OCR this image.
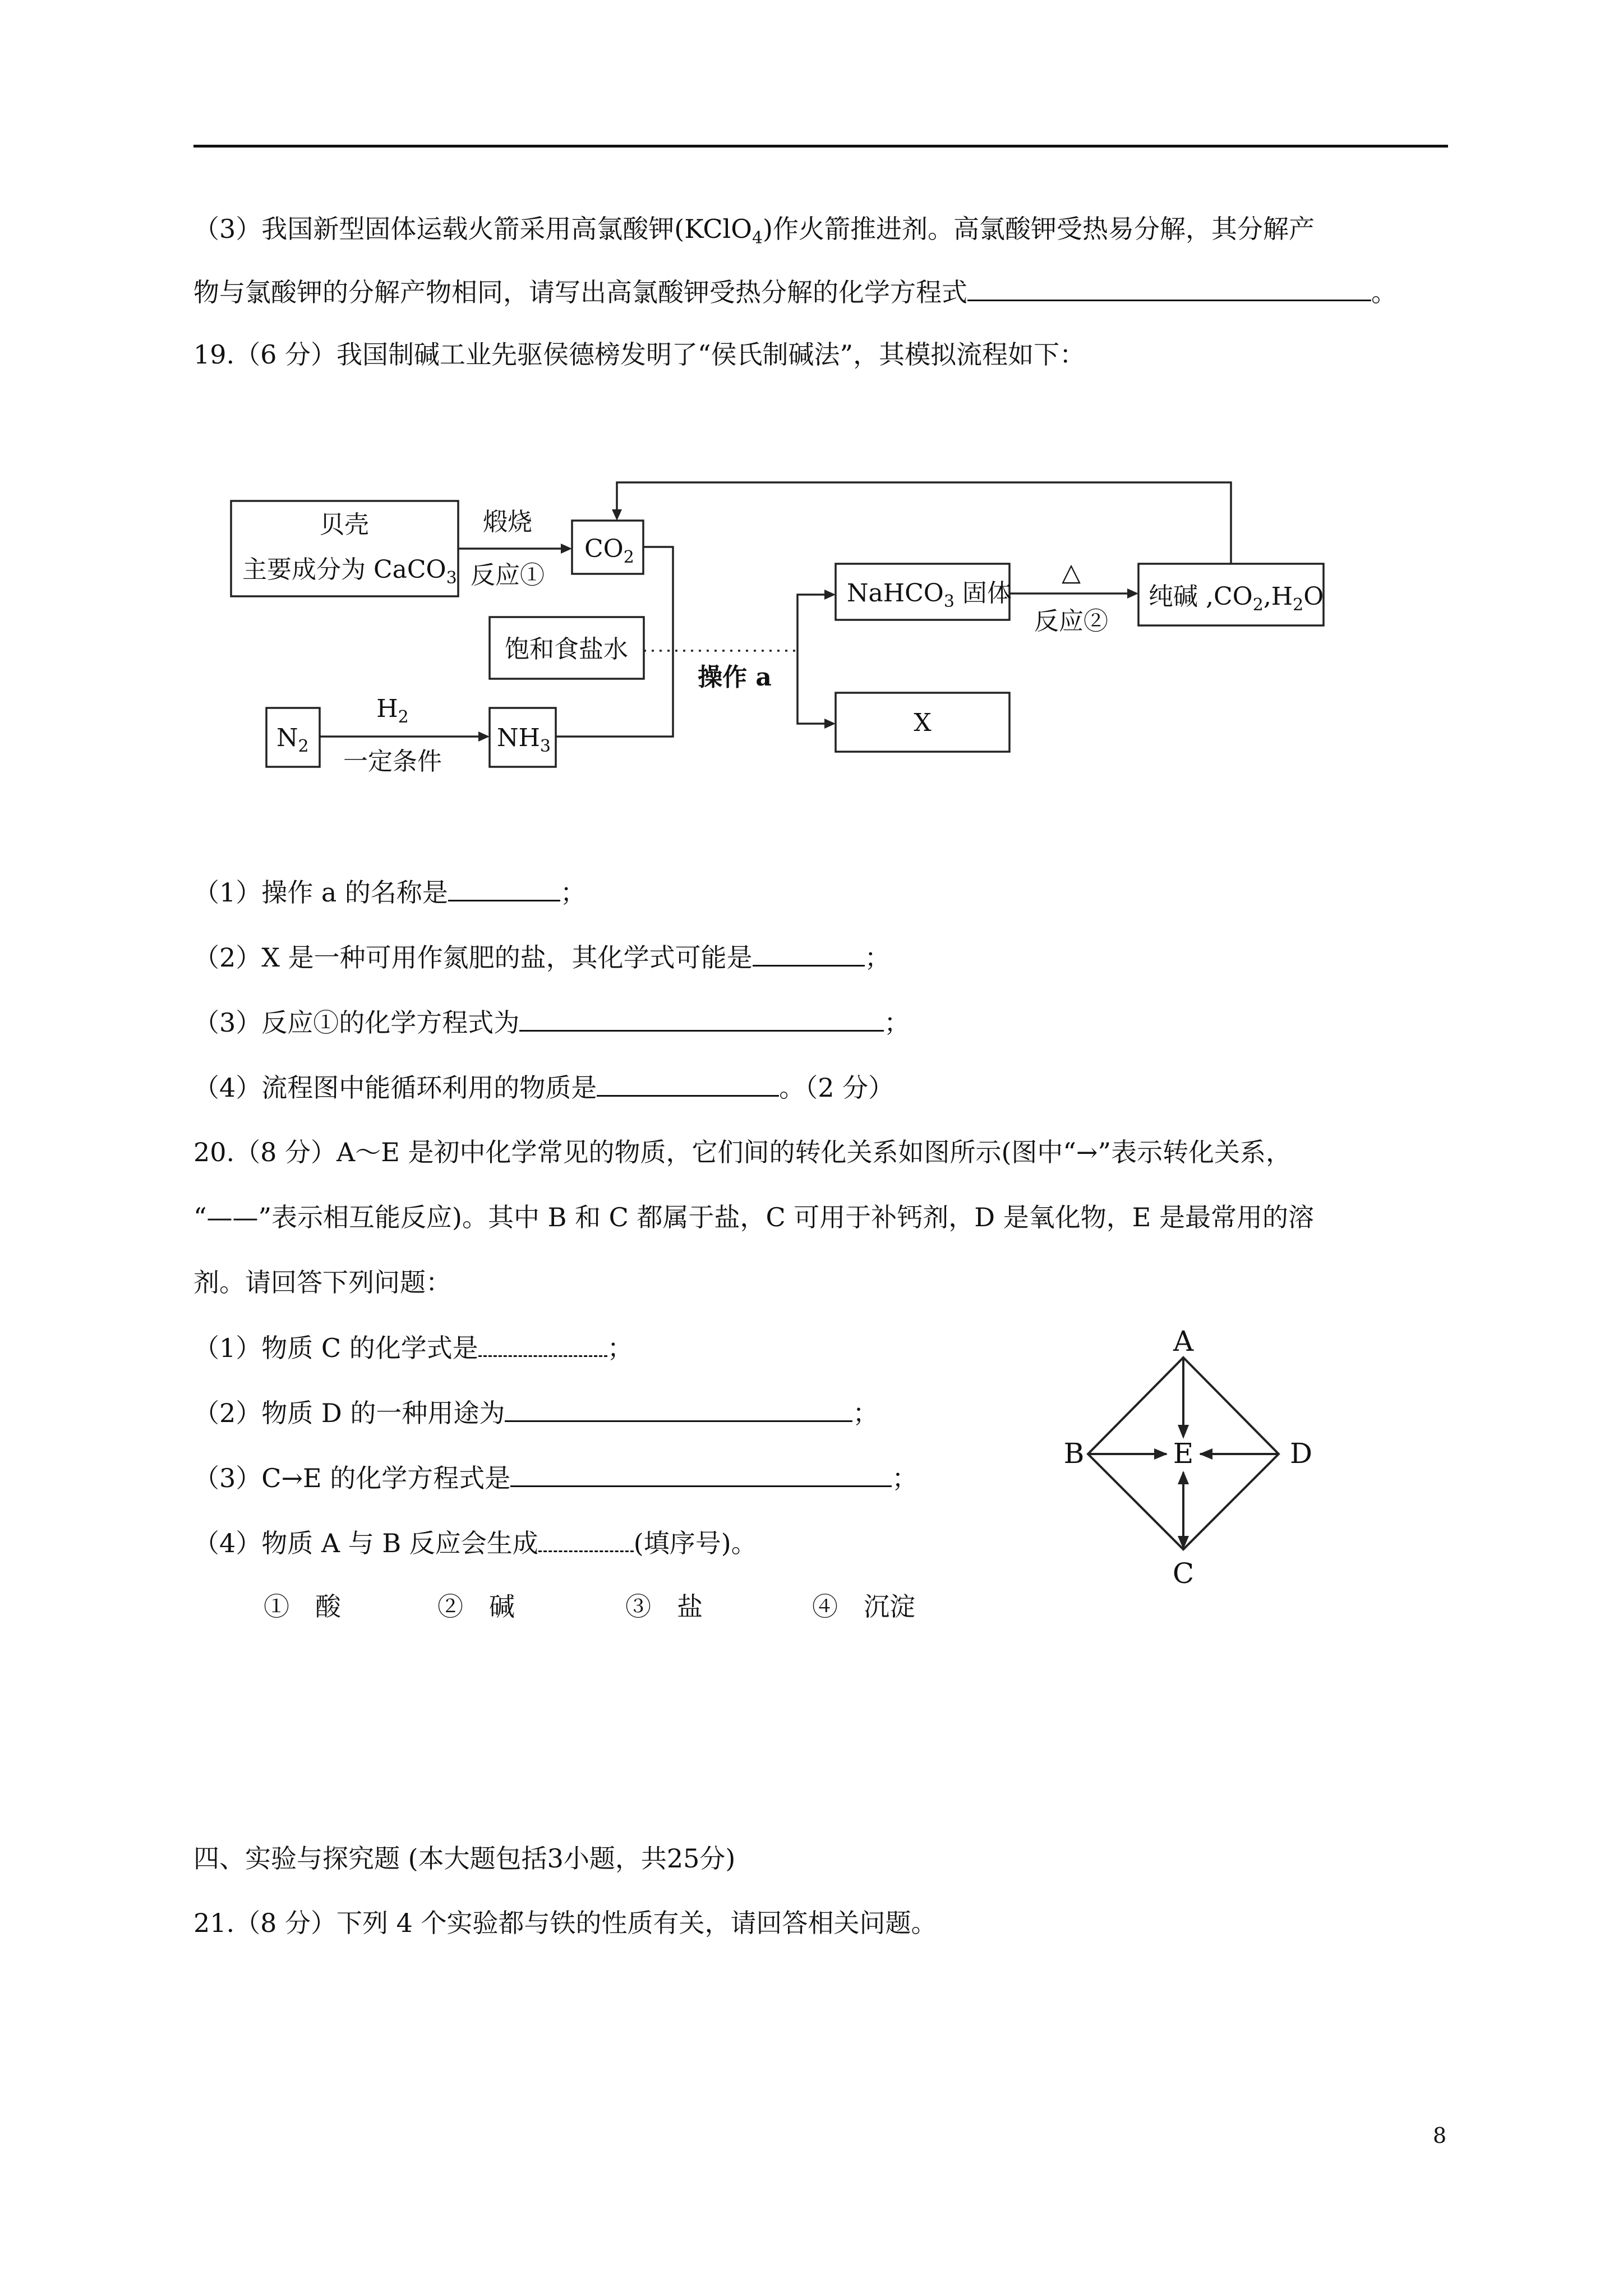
（3）我国新型固体运载火箭采用高氯酸钾(KClO$_4$)作火箭推进剂。高氯酸钾受热易分解，其分解产
物与氯酸钾的分解产物相同，请写出高氯酸钾受热分解的化学方程式	。
19.（6 分）我国制碱工业先驱侯德榜发明了“侯氏制碱法”，其模拟流程如下：
贝壳
主要成分为 CaCO$_3$
煅烧
反应①
$CO_2$
饱和食盐水
$N_2$
$H_2$
一定条件
$NH_3$
操作 a
NaHCO$_3$ 固体
△
反应②
纯碱 $,CO_2,H_2O$
X
（1）操作 a 的名称是	；
（2）X 是一种可用作氮肥的盐，其化学式可能是	；
（3）反应①的化学方程式为	；
（4）流程图中能循环利用的物质是	。（2 分）
20.（8 分）A～E 是初中化学常见的物质，它们间的转化关系如图所示(图中“→”表示转化关系，
“——”表示相互能反应)。其中 B 和 C 都属于盐，C 可用于补钙剂，D 是氧化物，E 是最常用的溶
剂。请回答下列问题：
（1）物质 C 的化学式是	；
（2）物质 D 的一种用途为	；
（3）C→E 的化学方程式是	；
（4）物质 A 与 B 反应会生成	(填序号)。
①　酸	②　碱	③　盐	④　沉淀
A
B	E	D
C
四、实验与探究题 (本大题包括3小题，共25分)
21.（8 分）下列 4 个实验都与铁的性质有关，请回答相关问题。
8
